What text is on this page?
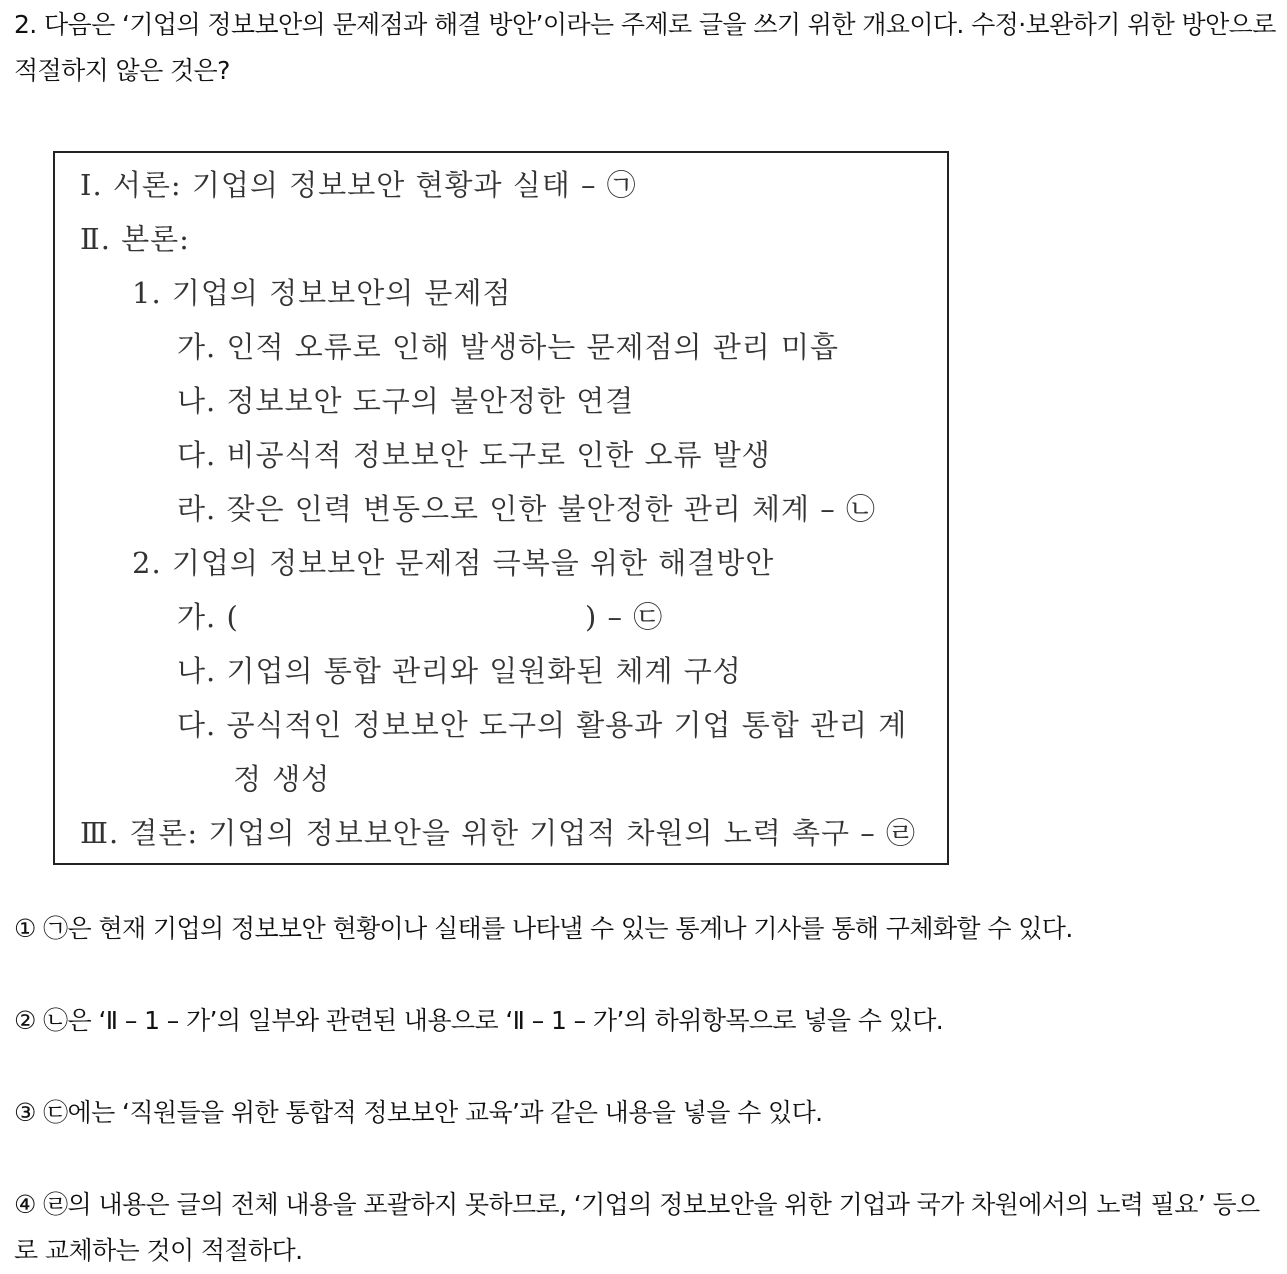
2. 다음은 ‘기업의 정보보안의 문제점과 해결 방안’이라는 주제로 글을 쓰기 위한 개요이다. 수정·보완하기 위한 방안으로 적절하지 않은 것은?
Ⅰ. 서론: 기업의 정보보안 현황과 실태 – ㉠
Ⅱ. 본론:
1. 기업의 정보보안의 문제점
가. 인적 오류로 인해 발생하는 문제점의 관리 미흡
나. 정보보안 도구의 불안정한 연결
다. 비공식적 정보보안 도구로 인한 오류 발생
라. 잦은 인력 변동으로 인한 불안정한 관리 체계 – ㉡
2. 기업의 정보보안 문제점 극복을 위한 해결방안
가. (	) – ㉢
나. 기업의 통합 관리와 일원화된 체계 구성
다. 공식적인 정보보안 도구의 활용과 기업 통합 관리 계
정 생성
Ⅲ. 결론: 기업의 정보보안을 위한 기업적 차원의 노력 촉구 – ㉣
① ㉠은 현재 기업의 정보보안 현황이나 실태를 나타낼 수 있는 통계나 기사를 통해 구체화할 수 있다.
② ㉡은 ‘Ⅱ – 1 – 가’의 일부와 관련된 내용으로 ‘Ⅱ – 1 – 가’의 하위항목으로 넣을 수 있다.
③ ㉢에는 ‘직원들을 위한 통합적 정보보안 교육’과 같은 내용을 넣을 수 있다.
④ ㉣의 내용은 글의 전체 내용을 포괄하지 못하므로, ‘기업의 정보보안을 위한 기업과 국가 차원에서의 노력 필요’ 등으로 교체하는 것이 적절하다.
